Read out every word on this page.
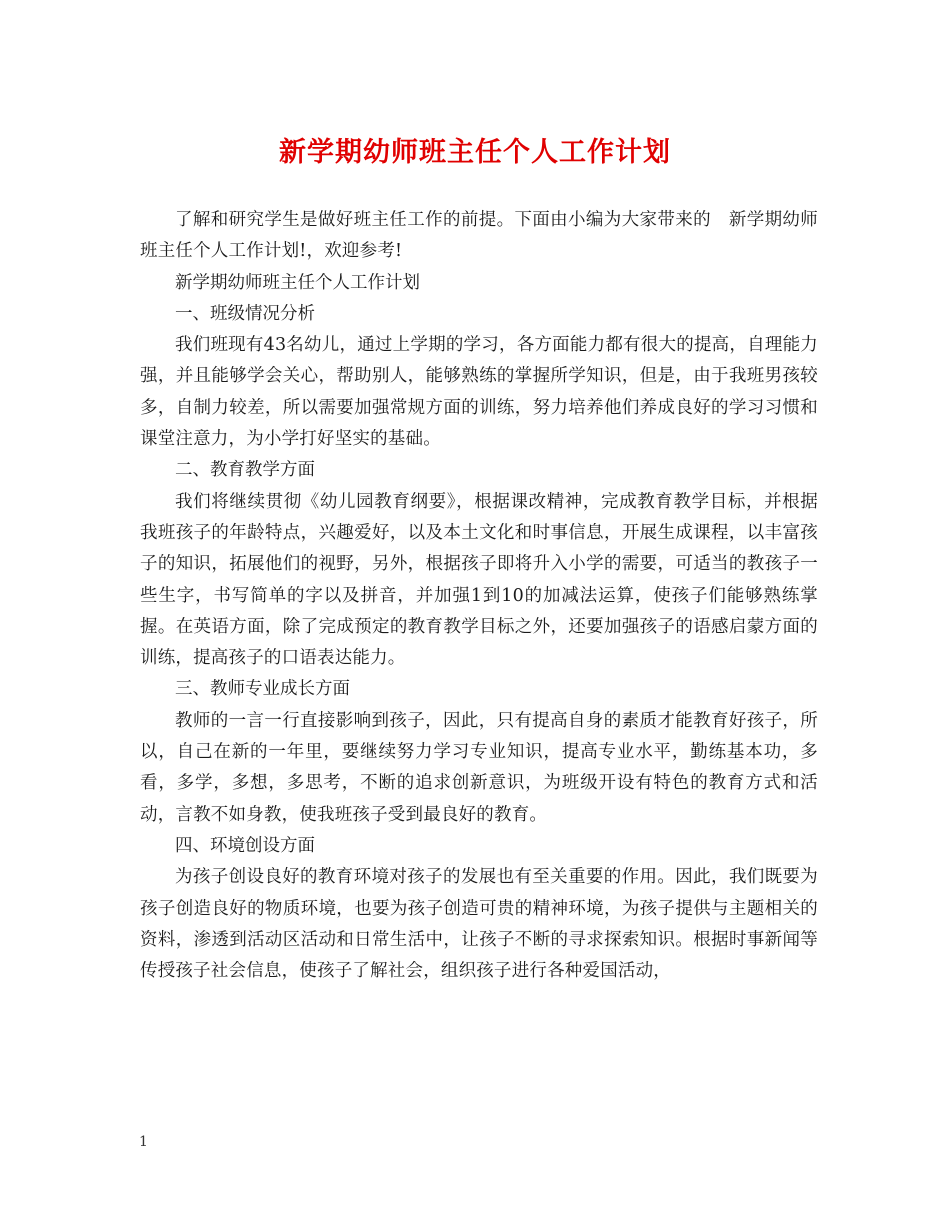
新学期幼师班主任个人工作计划

了解和研究学生是做好班主任工作的前提。下面由小编为大家带来的　新学期幼师班主任个人工作计划!，欢迎参考!

新学期幼师班主任个人工作计划

一、班级情况分析

我们班现有43名幼儿，通过上学期的学习，各方面能力都有很大的提高，自理能力强，并且能够学会关心，帮助别人，能够熟练的掌握所学知识，但是，由于我班男孩较多，自制力较差，所以需要加强常规方面的训练，努力培养他们养成良好的学习习惯和课堂注意力，为小学打好坚实的基础。

二、教育教学方面

我们将继续贯彻《幼儿园教育纲要》，根据课改精神，完成教育教学目标，并根据我班孩子的年龄特点，兴趣爱好，以及本土文化和时事信息，开展生成课程，以丰富孩子的知识，拓展他们的视野，另外，根据孩子即将升入小学的需要，可适当的教孩子一些生字，书写简单的字以及拼音，并加强1到10的加减法运算，使孩子们能够熟练掌握。在英语方面，除了完成预定的教育教学目标之外，还要加强孩子的语感启蒙方面的训练，提高孩子的口语表达能力。

三、教师专业成长方面

教师的一言一行直接影响到孩子，因此，只有提高自身的素质才能教育好孩子，所以，自己在新的一年里，要继续努力学习专业知识，提高专业水平，勤练基本功，多看，多学，多想，多思考，不断的追求创新意识，为班级开设有特色的教育方式和活动，言教不如身教，使我班孩子受到最良好的教育。

四、环境创设方面

为孩子创设良好的教育环境对孩子的发展也有至关重要的作用。因此，我们既要为孩子创造良好的物质环境，也要为孩子创造可贵的精神环境，为孩子提供与主题相关的资料，渗透到活动区活动和日常生活中，让孩子不断的寻求探索知识。根据时事新闻等传授孩子社会信息，使孩子了解社会，组织孩子进行各种爱国活动，

1
